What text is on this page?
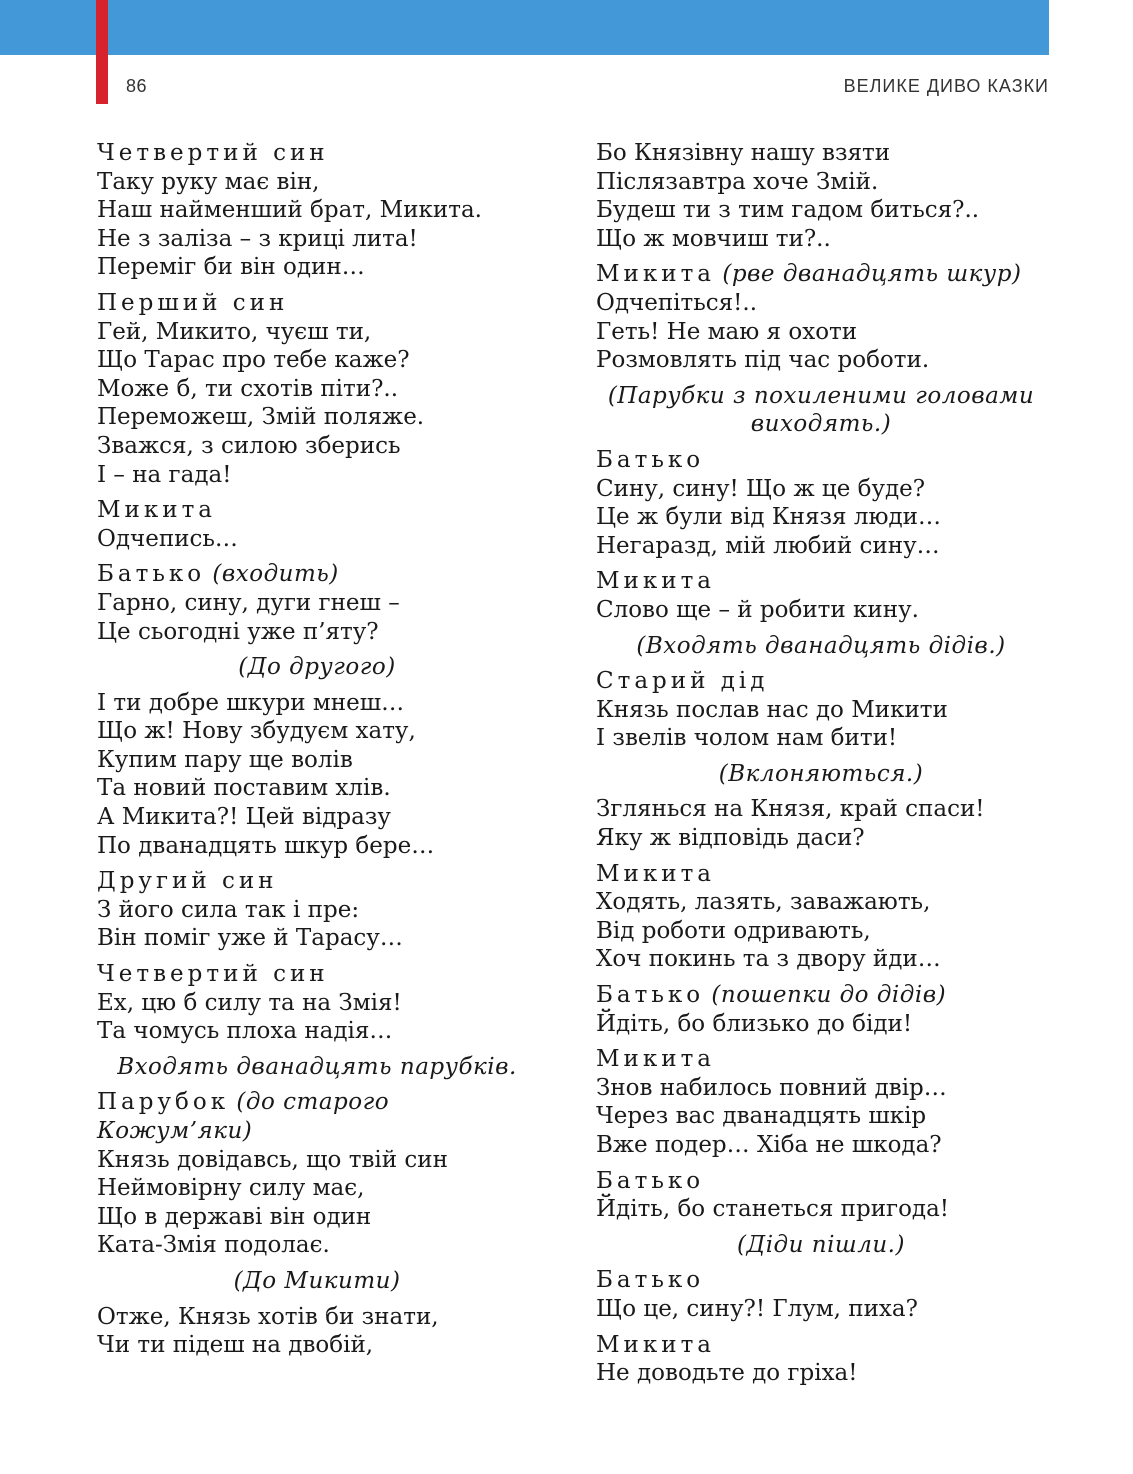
86	ВЕЛИКЕ ДИВО КАЗКИ
Четвертий син
Таку руку має він,
Наш найменший брат, Микита.
Не з заліза – з криці лита!
Переміг би він один…
Перший син
Гей, Микито, чуєш ти,
Що Тарас про тебе каже?
Може б, ти схотів піти?..
Переможеш, Змій поляже.
Зважся, з силою зберись
І – на гада!
Микита
Одчепись…
Батько (входить)
Гарно, сину, дуги гнеш –
Це сьогодні уже п’яту?
(До другого)
І ти добре шкури мнеш…
Що ж! Нову збудуєм хату,
Купим пару ще волів
Та новий поставим хлів.
А Микита?! Цей відразу
По дванадцять шкур бере…
Другий син
З його сила так і пре:
Він поміг уже й Тарасу…
Четвертий син
Ех, цю б силу та на Змія!
Та чомусь плоха надія…
Входять дванадцять парубків.
Парубок (до старого Кожум’яки)
Князь довідавсь, що твій син
Неймовірну силу має,
Що в державі він один
Ката-Змія подолає.
(До Микити)
Отже, Князь хотів би знати,
Чи ти підеш на двобій,
Бо Князівну нашу взяти
Післязавтра хоче Змій.
Будеш ти з тим гадом биться?..
Що ж мовчиш ти?..
Микита (рве дванадцять шкур)
Одчепіться!..
Геть! Не маю я охоти
Розмовлять під час роботи.
(Парубки з похиленими головами виходять.)
Батько
Сину, сину! Що ж це буде?
Це ж були від Князя люди…
Негаразд, мій любий сину…
Микита
Слово ще – й робити кину.
(Входять дванадцять дідів.)
Старий дід
Князь послав нас до Микити
І звелів чолом нам бити!
(Вклоняються.)
Зглянься на Князя, край спаси!
Яку ж відповідь даси?
Микита
Ходять, лазять, заважають,
Від роботи одривають,
Хоч покинь та з двору йди…
Батько (пошепки до дідів)
Йдіть, бо близько до біди!
Микита
Знов набилось повний двір…
Через вас дванадцять шкір
Вже подер… Хіба не шкода?
Батько
Йдіть, бо станеться пригода!
(Діди пішли.)
Батько
Що це, сину?! Глум, пиха?
Микита
Не доводьте до гріха!
